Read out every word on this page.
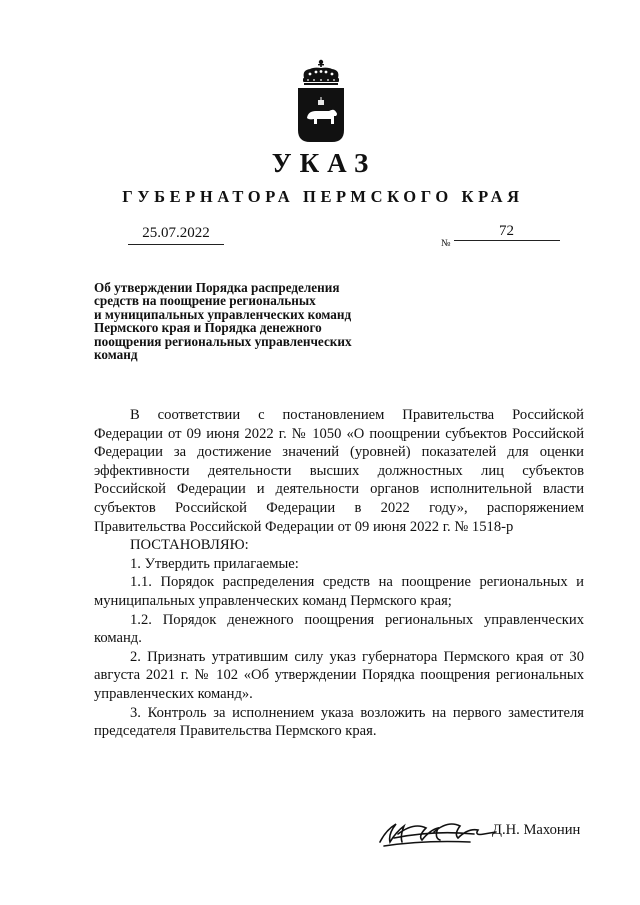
УКАЗ
ГУБЕРНАТОРА ПЕРМСКОГО КРАЯ
25.07.2022
№
72
Об утверждении Порядка распределения
средств на поощрение региональных
и муниципальных управленческих команд
Пермского края и Порядка денежного
поощрения региональных управленческих
команд

В соответствии с постановлением Правительства Российской Федерации от 09 июня 2022 г. № 1050 «О поощрении субъектов Российской Федерации за достижение значений (уровней) показателей для оценки эффективности деятельности высших должностных лиц субъектов Российской Федерации и деятельности органов исполнительной власти субъектов Российской Федерации в 2022 году», распоряжением Правительства Российской Федерации от 09 июня 2022 г. № 1518-р

ПОСТАНОВЛЯЮ:

1. Утвердить прилагаемые:

1.1. Порядок распределения средств на поощрение региональных и муниципальных управленческих команд Пермского края;

1.2. Порядок денежного поощрения региональных управленческих команд.

2. Признать утратившим силу указ губернатора Пермского края от 30 августа 2021 г. № 102 «Об утверждении Порядка поощрения региональных управленческих команд».

3. Контроль за исполнением указа возложить на первого заместителя председателя Правительства Пермского края.

Д.Н. Махонин
